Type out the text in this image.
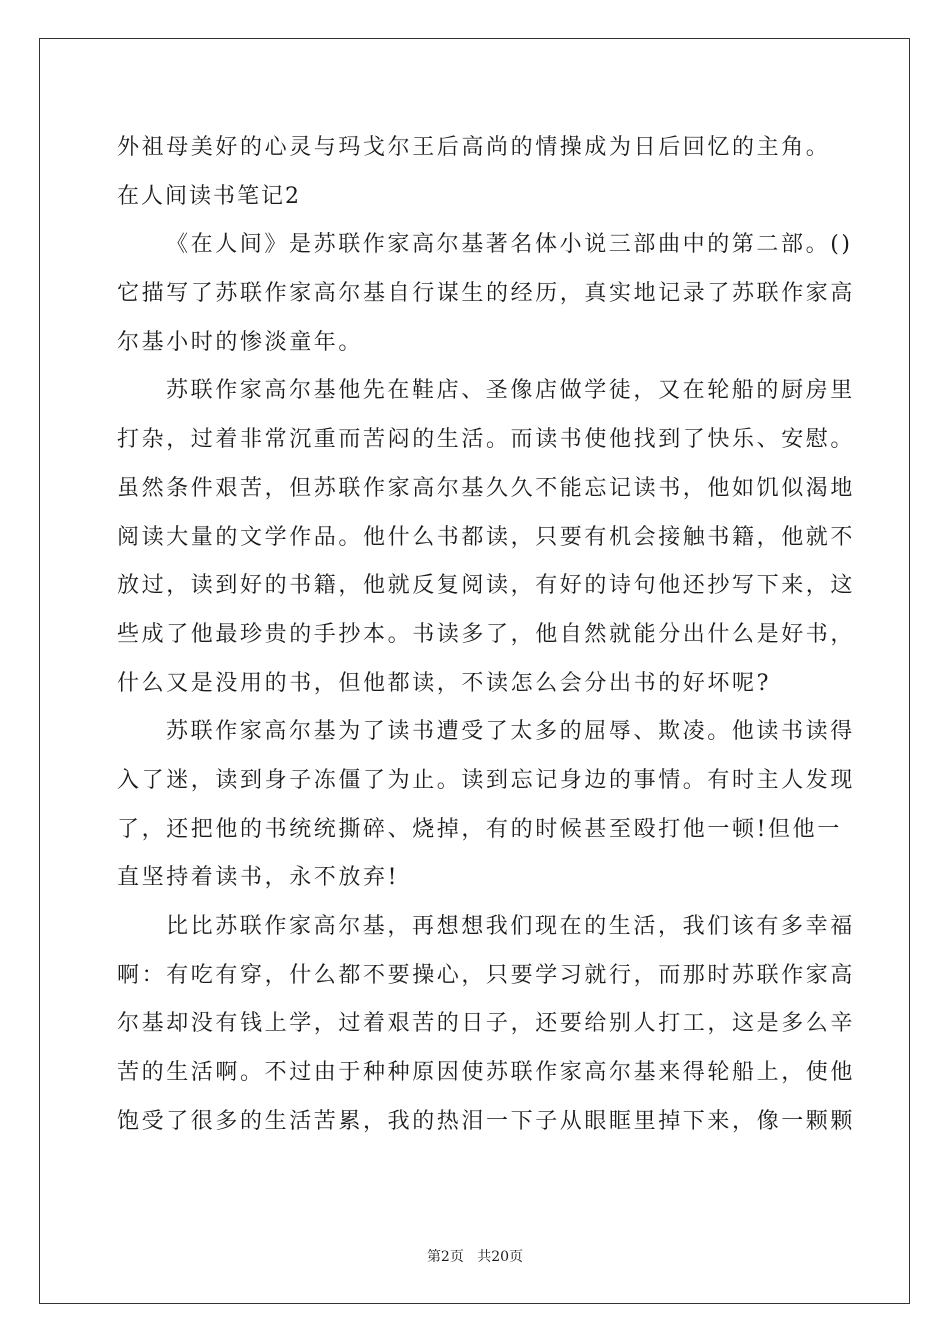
外祖母美好的心灵与玛戈尔王后高尚的情操成为日后回忆的主角。
在人间读书笔记2
《在人间》是苏联作家高尔基著名体小说三部曲中的第二部。()
它描写了苏联作家高尔基自行谋生的经历，真实地记录了苏联作家高
尔基小时的惨淡童年。
苏联作家高尔基他先在鞋店、圣像店做学徒，又在轮船的厨房里
打杂，过着非常沉重而苦闷的生活。而读书使他找到了快乐、安慰。
虽然条件艰苦，但苏联作家高尔基久久不能忘记读书，他如饥似渴地
阅读大量的文学作品。他什么书都读，只要有机会接触书籍，他就不
放过，读到好的书籍，他就反复阅读，有好的诗句他还抄写下来，这
些成了他最珍贵的手抄本。书读多了，他自然就能分出什么是好书，
什么又是没用的书，但他都读，不读怎么会分出书的好坏呢?
苏联作家高尔基为了读书遭受了太多的屈辱、欺凌。他读书读得
入了迷，读到身子冻僵了为止。读到忘记身边的事情。有时主人发现
了，还把他的书统统撕碎、烧掉，有的时候甚至殴打他一顿!但他一
直坚持着读书，永不放弃!
比比苏联作家高尔基，再想想我们现在的生活，我们该有多幸福
啊：有吃有穿，什么都不要操心，只要学习就行，而那时苏联作家高
尔基却没有钱上学，过着艰苦的日子，还要给别人打工，这是多么辛
苦的生活啊。不过由于种种原因使苏联作家高尔基来得轮船上，使他
饱受了很多的生活苦累，我的热泪一下子从眼眶里掉下来，像一颗颗
第2页 共20页
